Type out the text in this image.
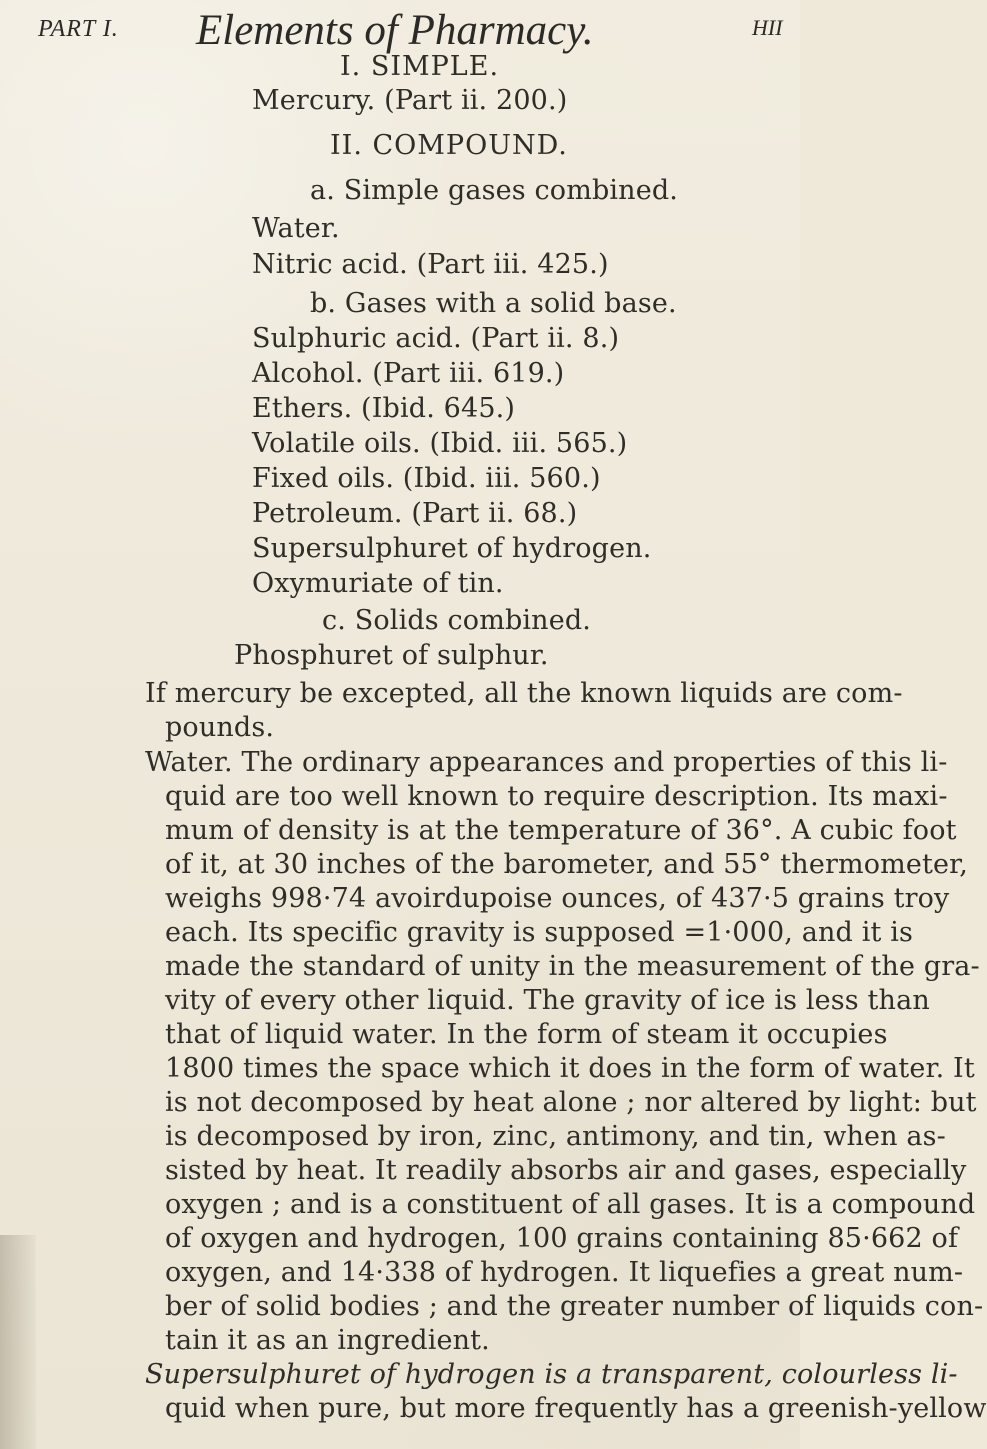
PART I. Elements of Pharmacy.	HII
I. SIMPLE.
Mercury. (Part ii. 200.)
II. COMPOUND.
a. Simple gases combined.
Water.
Nitric acid. (Part iii. 425.)
b. Gases with a solid base.
Sulphuric acid. (Part ii. 8.)
Alcohol. (Part iii. 619.)
Ethers. (Ibid. 645.)
Volatile oils. (Ibid. iii. 565.)
Fixed oils. (Ibid. iii. 560.)
Petroleum. (Part ii. 68.)
Supersulphuret of hydrogen.
Oxymuriate of tin.
c. Solids combined.
Phosphuret of sulphur.
If mercury be excepted, all the known liquids are com-
pounds.
Water. The ordinary appearances and properties of this li-
quid are too well known to require description. Its maxi-
mum of density is at the temperature of 36°. A cubic foot
of it, at 30 inches of the barometer, and 55° thermometer,
weighs 998·74 avoirdupoise ounces, of 437·5 grains troy
each. Its specific gravity is supposed =1·000, and it is
made the standard of unity in the measurement of the gra-
vity of every other liquid. The gravity of ice is less than
that of liquid water. In the form of steam it occupies
1800 times the space which it does in the form of water. It
is not decomposed by heat alone ; nor altered by light: but
is decomposed by iron, zinc, antimony, and tin, when as-
sisted by heat. It readily absorbs air and gases, especially
oxygen ; and is a constituent of all gases. It is a compound
of oxygen and hydrogen, 100 grains containing 85·662 of
oxygen, and 14·338 of hydrogen. It liquefies a great num-
ber of solid bodies ; and the greater number of liquids con-
tain it as an ingredient.
Supersulphuret of hydrogen is a transparent, colourless li-
quid when pure, but more frequently has a greenish-yellow
